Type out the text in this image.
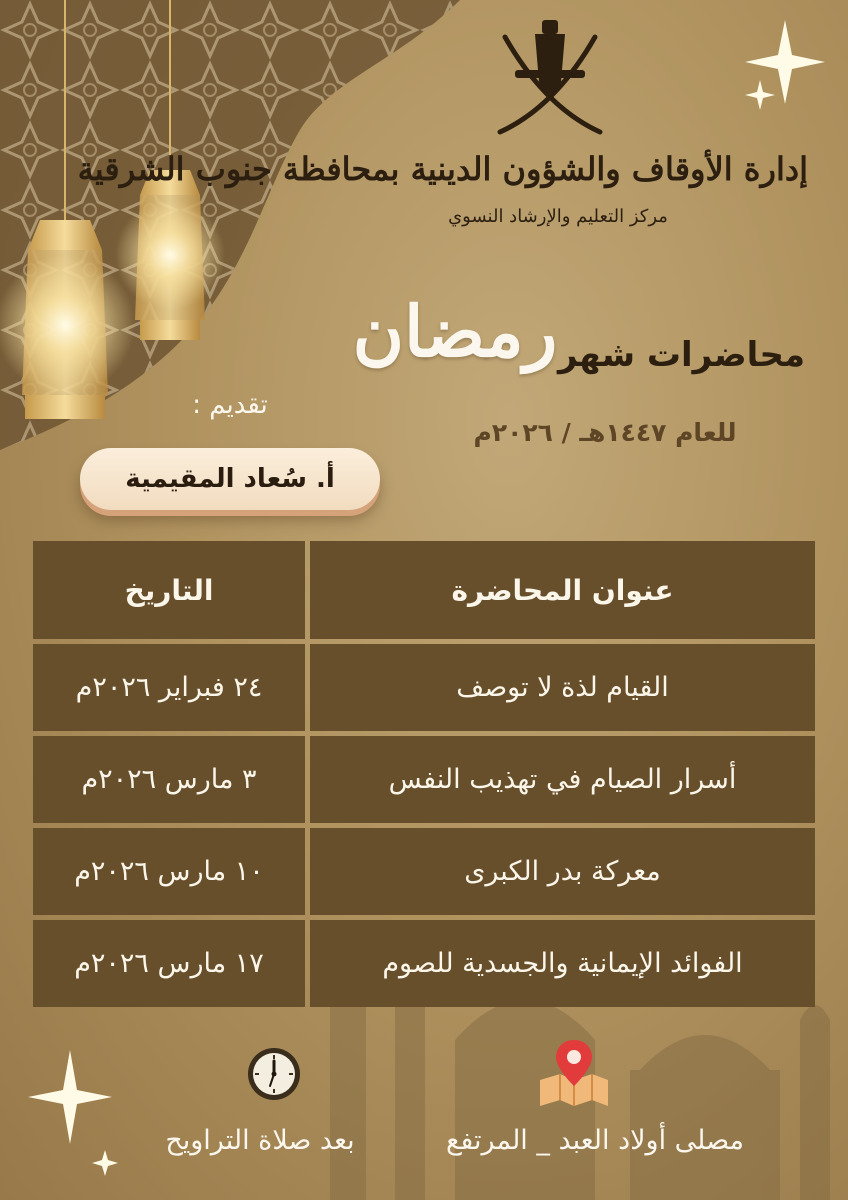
إدارة الأوقاف والشؤون الدينية بمحافظة جنوب الشرقية
مركز التعليم والإرشاد النسوي
رمضان محاضرات شهر
للعام ١٤٤٧هـ / ٢٠٢٦م
تقديم :
أ. سُعاد المقيمية
عنوان المحاضرة
التاريخ
القيام لذة لا توصف
٢٤ فبراير ٢٠٢٦م
أسرار الصيام في تهذيب النفس
٣ مارس ٢٠٢٦م
معركة بدر الكبرى
١٠ مارس ٢٠٢٦م
الفوائد الإيمانية والجسدية للصوم
١٧ مارس ٢٠٢٦م
بعد صلاة التراويح	مصلى أولاد العبد _ المرتفع
